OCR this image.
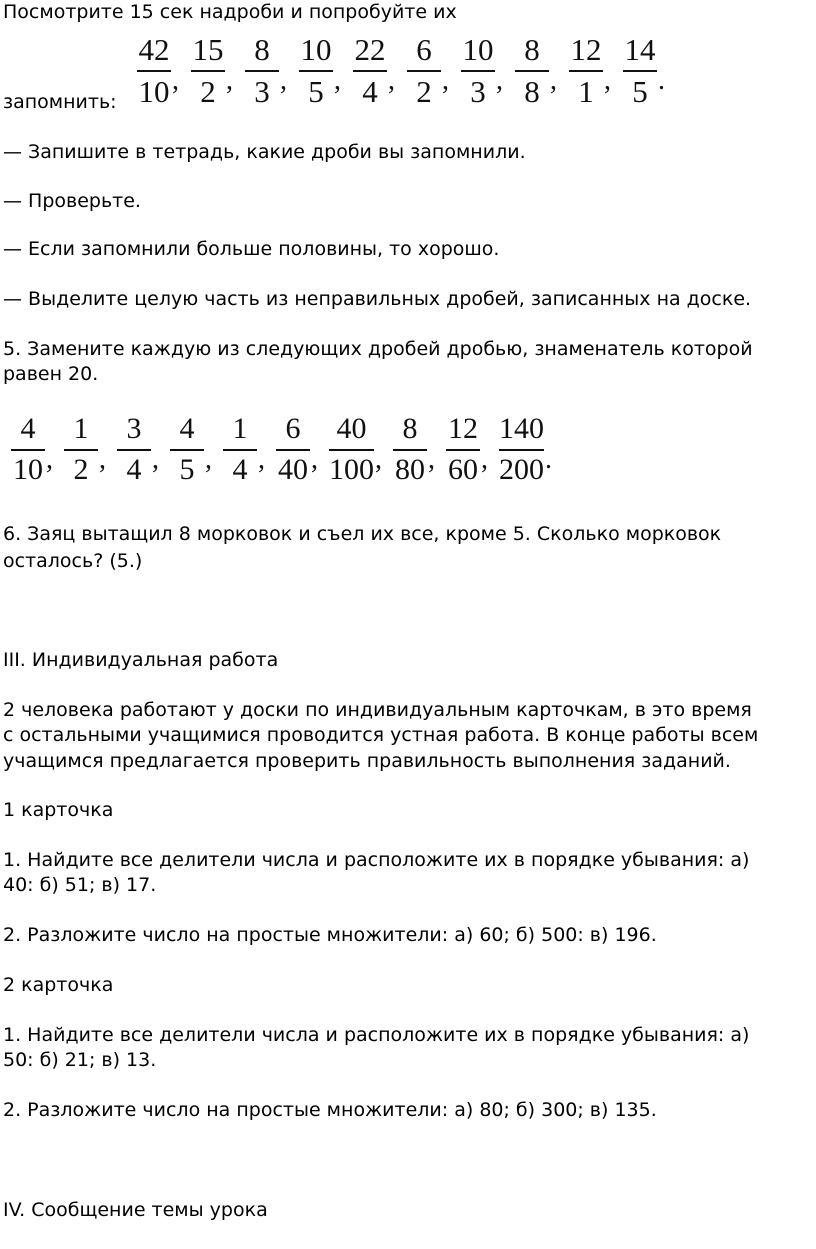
Посмотрите 15 сек надроби и попробуйте их
$\frac{42}{10}$ , $\frac{15}{2}$ , $\frac{8}{3}$ , $\frac{10}{5}$ , $\frac{22}{4}$ , $\frac{6}{2}$ , $\frac{10}{3}$ , $\frac{8}{8}$ , $\frac{12}{1}$ , $\frac{14}{5}$ .
запомнить:
— Запишите в тетрадь, какие дроби вы запомнили.
— Проверьте.
— Если запомнили больше половины, то хорошо.
— Выделите целую часть из неправильных дробей, записанных на доске.
5. Замените каждую из следующих дробей дробью, знаменатель которой
равен 20.
$\frac{4}{10}$ , $\frac{1}{2}$ , $\frac{3}{4}$ , $\frac{4}{5}$ , $\frac{1}{4}$ , $\frac{6}{40}$ , $\frac{40}{100}$ , $\frac{8}{80}$ , $\frac{12}{60}$ , $\frac{140}{200}$ .
6. Заяц вытащил 8 морковок и съел их все, кроме 5. Сколько морковок
осталось? (5.)
III. Индивидуальная работа
2 человека работают у доски по индивидуальным карточкам, в это время
с остальными учащимися проводится устная работа. В конце работы всем
учащимся предлагается проверить правильность выполнения заданий.
1 карточка
1. Найдите все делители числа и расположите их в порядке убывания: а)
40: б) 51; в) 17.
2. Разложите число на простые множители: а) 60; б) 500: в) 196.
2 карточка
1. Найдите все делители числа и расположите их в порядке убывания: а)
50: б) 21; в) 13.
2. Разложите число на простые множители: а) 80; б) 300; в) 135.
IV. Сообщение темы урока
